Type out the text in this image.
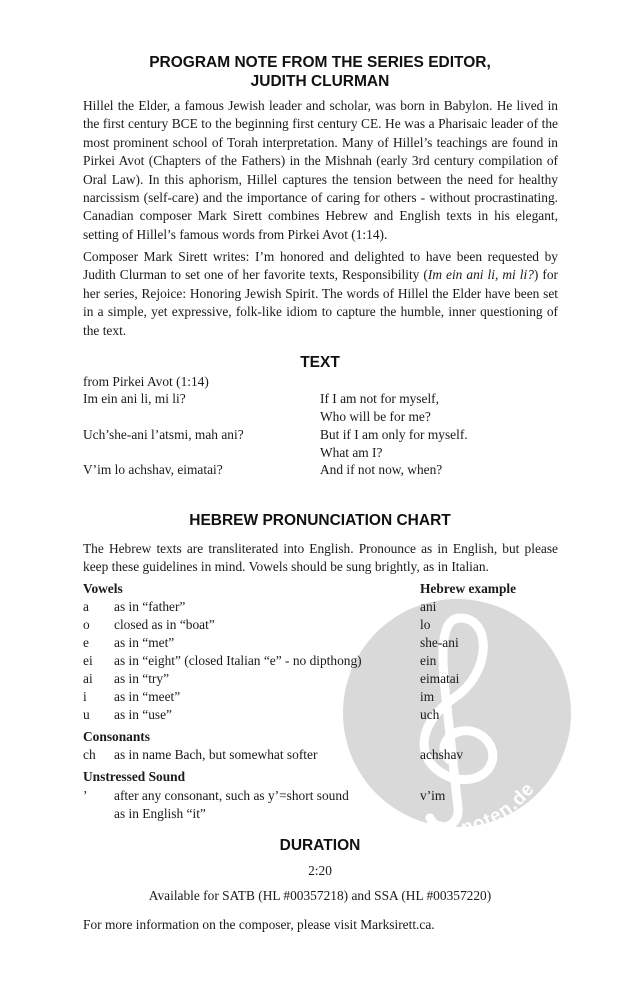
alle-noten.de

PROGRAM NOTE FROM THE SERIES EDITOR,

JUDITH CLURMAN

Hillel the Elder, a famous Jewish leader and scholar, was born in Babylon. He lived in the first century BCE to the beginning first century CE. He was a Pharisaic leader of the most prominent school of Torah interpretation. Many of Hillel’s teachings are found in Pirkei Avot (Chapters of the Fathers) in the Mishnah (early 3rd century compilation of Oral Law). In this aphorism, Hillel captures the tension between the need for healthy narcissism (self-care) and the importance of caring for others - without procrastinating. Canadian composer Mark Sirett combines Hebrew and English texts in his elegant, setting of Hillel’s famous words from Pirkei Avot (1:14).

Composer Mark Sirett writes: I’m honored and delighted to have been requested by Judith Clurman to set one of her favorite texts, Responsibility (Im ein ani li, mi li?) for her series, Rejoice: Honoring Jewish Spirit. The words of Hillel the Elder have been set in a simple, yet expressive, folk-like idiom to capture the humble, inner questioning of the text.

TEXT

from Pirkei Avot (1:14)
Im ein ani li, mi li?	If I am not for myself,
Who will be for me?
Uch’she-ani l’atsmi, mah ani?	But if I am only for myself.
What am I?
V’im lo achshav, eimatai?	And if not now, when?

HEBREW PRONUNCIATION CHART

The Hebrew texts are transliterated into English. Pronounce as in English, but please keep these guidelines in mind. Vowels should be sung brightly, as in Italian.

Vowels	Hebrew example
a as in “father”	ani
o closed as in “boat”	lo
e as in “met”	she-ani
ei as in “eight” (closed Italian “e” - no dipthong)	ein
ai as in “try”	eimatai
i as in “meet”	im
u as in “use”	uch
Consonants
ch as in name Bach, but somewhat softer	achshav
Unstressed Sound
’ after any consonant, such as y’=short sound	v’im
as in English “it”

DURATION

2:20
Available for SATB (HL #00357218) and SSA (HL #00357220)
For more information on the composer, please visit Marksirett.ca.
